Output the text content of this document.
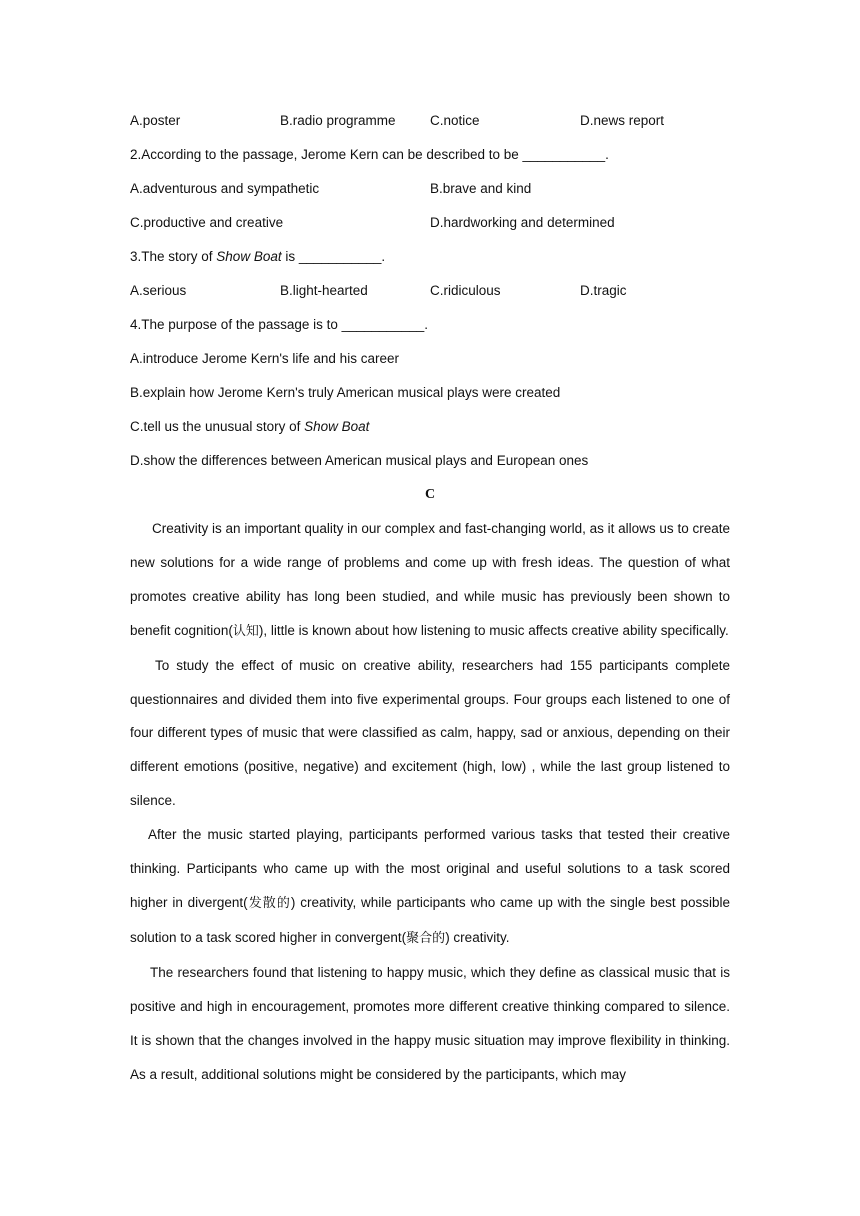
A.poster	B.radio programme	C.notice	D.news report
2.According to the passage, Jerome Kern can be described to be ___________.
A.adventurous and sympathetic	B.brave and kind
C.productive and creative	D.hardworking and determined
3.The story of Show Boat is ___________.
A.serious	B.light-hearted	C.ridiculous	D.tragic
4.The purpose of the passage is to ___________.
A.introduce Jerome Kern's life and his career
B.explain how Jerome Kern's truly American musical plays were created
C.tell us the unusual story of Show Boat
D.show the differences between American musical plays and European ones
C

Creativity is an important quality in our complex and fast-changing world, as it allows us to create new solutions for a wide range of problems and come up with fresh ideas. The question of what promotes creative ability has long been studied, and while music has previously been shown to benefit cognition(认知), little is known about how listening to music affects creative ability specifically.

To study the effect of music on creative ability, researchers had 155 participants complete questionnaires and divided them into five experimental groups. Four groups each listened to one of four different types of music that were classified as calm, happy, sad or anxious, depending on their different emotions (positive, negative) and excitement (high, low) , while the last group listened to silence.

After the music started playing, participants performed various tasks that tested their creative thinking. Participants who came up with the most original and useful solutions to a task scored higher in divergent(发散的) creativity, while participants who came up with the single best possible solution to a task scored higher in convergent(聚合的) creativity.

The researchers found that listening to happy music, which they define as classical music that is positive and high in encouragement, promotes more different creative thinking compared to silence. It is shown that the changes involved in the happy music situation may improve flexibility in thinking. As a result, additional solutions might be considered by the participants, which may
